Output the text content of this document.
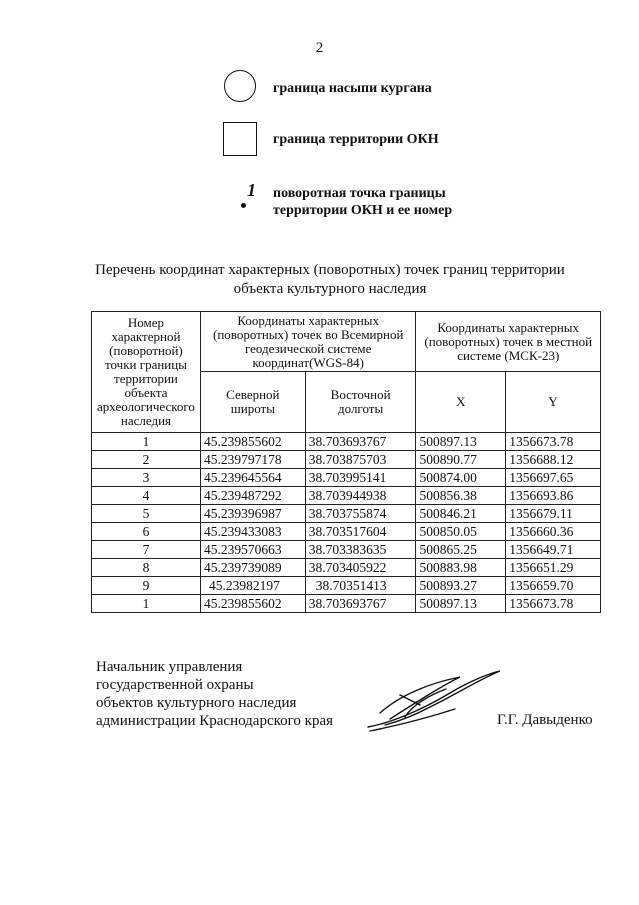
2
граница насыпи кургана
граница территории ОКН
1 поворотная точка границы
территории ОКН и ее номер
Перечень координат характерных (поворотных) точек границ территории
объекта культурного наследия
Номер характерной (поворотной) точки границы территории объекта археологического наследия	Координаты характерных (поворотных) точек во Всемирной геодезической системе координат(WGS-84)		Координаты характерных (поворотных) точек в местной системе (МСК-23)	
	Северной широты	Восточной долготы	X	Y
1	45.239855602	38.703693767	500897.13	1356673.78
2	45.239797178	38.703875703	500890.77	1356688.12
3	45.239645564	38.703995141	500874.00	1356697.65
4	45.239487292	38.703944938	500856.38	1356693.86
5	45.239396987	38.703755874	500846.21	1356679.11
6	45.239433083	38.703517604	500850.05	1356660.36
7	45.239570663	38.703383635	500865.25	1356649.71
8	45.239739089	38.703405922	500883.98	1356651.29
9	45.23982197	38.70351413	500893.27	1356659.70
1	45.239855602	38.703693767	500897.13	1356673.78
Начальник управления
государственной охраны
объектов культурного наследия
администрации Краснодарского края	Г.Г. Давыденко
